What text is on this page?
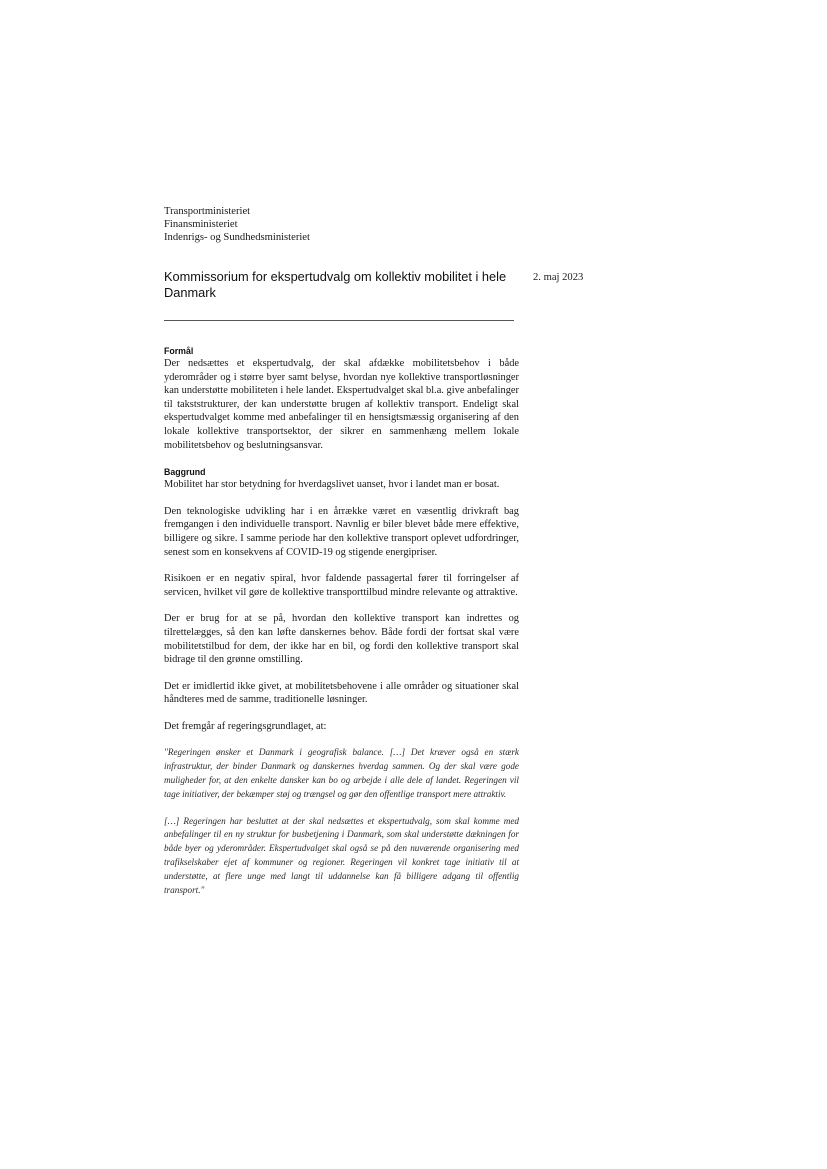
Transportministeriet
Finansministeriet
Indenrigs- og Sundhedsministeriet
Kommissorium for ekspertudvalg om kollektiv mobilitet i hele Danmark
2. maj 2023
Formål

Der nedsættes et ekspertudvalg, der skal afdække mobilitetsbehov i både yderområder og i større byer samt belyse, hvordan nye kollektive transportløsninger kan understøtte mobiliteten i hele landet. Ekspertudvalget skal bl.a. give anbefalinger til takststrukturer, der kan understøtte brugen af kollektiv transport. Endeligt skal ekspertudvalget komme med anbefalinger til en hensigtsmæssig organisering af den lokale kollektive transportsektor, der sikrer en sammenhæng mellem lokale mobilitetsbehov og beslutningsansvar.

Baggrund

Mobilitet har stor betydning for hverdagslivet uanset, hvor i landet man er bosat.

Den teknologiske udvikling har i en årrække været en væsentlig drivkraft bag fremgangen i den individuelle transport. Navnlig er biler blevet både mere effektive, billigere og sikre. I samme periode har den kollektive transport oplevet udfordringer, senest som en konsekvens af COVID-19 og stigende energipriser.

Risikoen er en negativ spiral, hvor faldende passagertal fører til forringelser af servicen, hvilket vil gøre de kollektive transporttilbud mindre relevante og attraktive.

Der er brug for at se på, hvordan den kollektive transport kan indrettes og tilrettelægges, så den kan løfte danskernes behov. Både fordi der fortsat skal være mobilitetstilbud for dem, der ikke har en bil, og fordi den kollektive transport skal bidrage til den grønne omstilling.

Det er imidlertid ikke givet, at mobilitetsbehovene i alle områder og situationer skal håndteres med de samme, traditionelle løsninger.

Det fremgår af regeringsgrundlaget, at:

"Regeringen ønsker et Danmark i geografisk balance. […] Det kræver også en stærk infrastruktur, der binder Danmark og danskernes hverdag sammen. Og der skal være gode muligheder for, at den enkelte dansker kan bo og arbejde i alle dele af landet. Regeringen vil tage initiativer, der bekæmper støj og trængsel og gør den offentlige transport mere attraktiv.

[…] Regeringen har besluttet at der skal nedsættes et ekspertudvalg, som skal komme med anbefalinger til en ny struktur for busbetjening i Danmark, som skal understøtte dækningen for både byer og yderområder. Ekspertudvalget skal også se på den nuværende organisering med trafikselskaber ejet af kommuner og regioner. Regeringen vil konkret tage initiativ til at understøtte, at flere unge med langt til uddannelse kan få billigere adgang til offentlig transport."
